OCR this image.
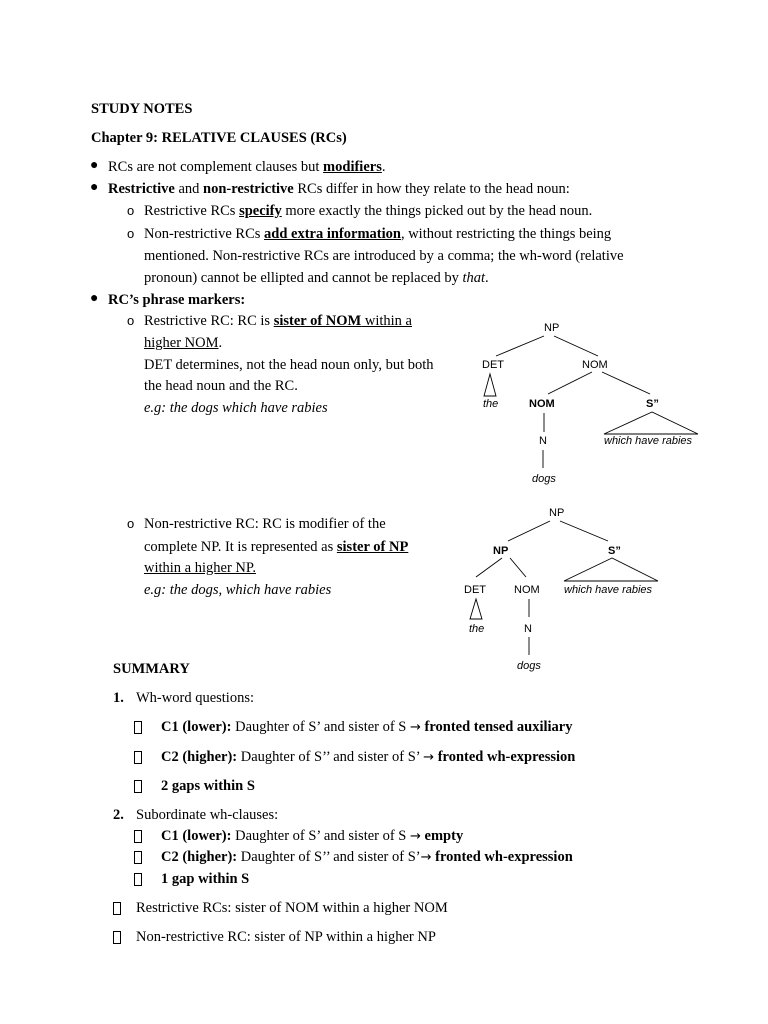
STUDY NOTES
Chapter 9: RELATIVE CLAUSES (RCs)
● RCs are not complement clauses but modifiers.
● Restrictive and non-restrictive RCs differ in how they relate to the head noun:
o Restrictive RCs specify more exactly the things picked out by the head noun.
o Non-restrictive RCs add extra information, without restricting the things being
mentioned. Non-restrictive RCs are introduced by a comma; the wh-word (relative
pronoun) cannot be ellipted and cannot be replaced by that.
● RC’s phrase markers:
o Restrictive RC: RC is sister of NOM within a
higher NOM.
DET determines, not the head noun only, but both
the head noun and the RC.
e.g: the dogs which have rabies
NP
DET	NOM
the	NOM	S”
N	which have rabies
dogs
o Non-restrictive RC: RC is modifier of the
complete NP. It is represented as sister of NP
within a higher NP.
e.g: the dogs, which have rabies
NP
NP	S”
DET	NOM which have rabies
the	N
dogs
SUMMARY
1. Wh-word questions:
C1 (lower): Daughter of S’ and sister of S → fronted tensed auxiliary
C2 (higher): Daughter of S’’ and sister of S’ → fronted wh-expression
2 gaps within S
2. Subordinate wh-clauses:
C1 (lower): Daughter of S’ and sister of S → empty
C2 (higher): Daughter of S’’ and sister of S’→ fronted wh-expression
1 gap within S
Restrictive RCs: sister of NOM within a higher NOM
Non-restrictive RC: sister of NP within a higher NP
